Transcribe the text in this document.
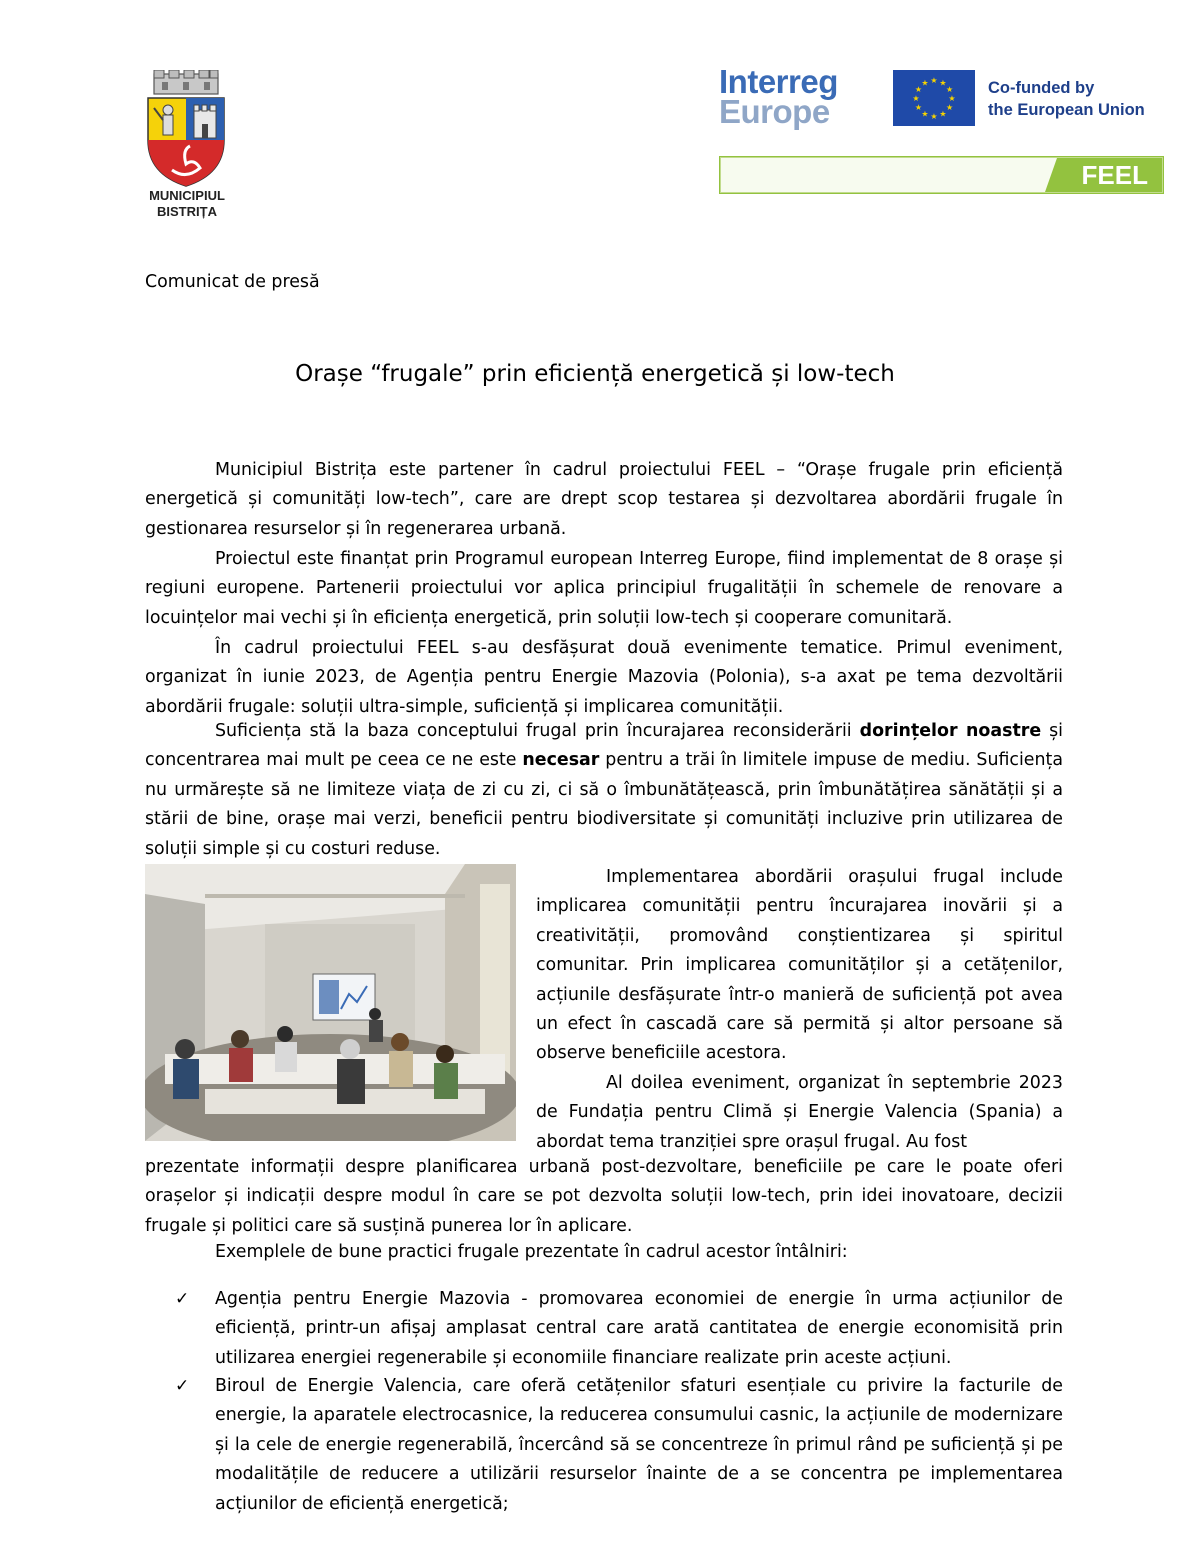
MUNICIPIUL
BISTRIȚA
Interreg
Europe	★
★
★
★
★
★
★
★
★ ★ ★
★ Co-funded by
the European Union
FEEL
Comunicat de presă
Orașe “frugale” prin eficiență energetică și low-tech
Municipiul Bistrița este partener în cadrul proiectului FEEL – “Orașe frugale prin eficiență energetică și comunități low-tech”, care are drept scop testarea și dezvoltarea abordării frugale în gestionarea resurselor și în regenerarea urbană.
Proiectul este finanțat prin Programul european Interreg Europe, fiind implementat de 8 orașe și regiuni europene. Partenerii proiectului vor aplica principiul frugalității în schemele de renovare a locuințelor mai vechi și în eficiența energetică, prin soluții low-tech și cooperare comunitară.
În cadrul proiectului FEEL s-au desfășurat două evenimente tematice. Primul eveniment, organizat în iunie 2023, de Agenția pentru Energie Mazovia (Polonia), s-a axat pe tema dezvoltării abordării frugale: soluții ultra-simple, suficiență și implicarea comunității.
Suficiența stă la baza conceptului frugal prin încurajarea reconsiderării dorințelor noastre și concentrarea mai mult pe ceea ce ne este necesar pentru a trăi în limitele impuse de mediu. Suficiența nu urmărește să ne limiteze viața de zi cu zi, ci să o îmbunătățească, prin îmbunătățirea sănătății și a stării de bine, orașe mai verzi, beneficii pentru biodiversitate și comunități incluzive prin utilizarea de soluții simple și cu costuri reduse.
Implementarea abordării orașului frugal include implicarea comunității pentru încurajarea inovării și a creativității, promovând conștientizarea și spiritul comunitar. Prin implicarea comunităților și a cetățenilor, acțiunile desfășurate într-o manieră de suficiență pot avea un efect în cascadă care să permită și altor persoane să observe beneficiile acestora.
Al doilea eveniment, organizat în septembrie 2023 de Fundația pentru Climă și Energie Valencia (Spania) a abordat tema tranziției spre orașul frugal. Au fost
prezentate informații despre planificarea urbană post-dezvoltare, beneficiile pe care le poate oferi orașelor și indicații despre modul în care se pot dezvolta soluții low-tech, prin idei inovatoare, decizii frugale și politici care să susțină punerea lor în aplicare.
Exemplele de bune practici frugale prezentate în cadrul acestor întâlniri:
✓ Agenția pentru Energie Mazovia - promovarea economiei de energie în urma acțiunilor de eficiență, printr-un afișaj amplasat central care arată cantitatea de energie economisită prin utilizarea energiei regenerabile și economiile financiare realizate prin aceste acțiuni.
✓ Biroul de Energie Valencia, care oferă cetățenilor sfaturi esențiale cu privire la facturile de energie, la aparatele electrocasnice, la reducerea consumului casnic, la acțiunile de modernizare și la cele de energie regenerabilă, încercând să se concentreze în primul rând pe suficiență și pe modalitățile de reducere a utilizării resurselor înainte de a se concentra pe implementarea acțiunilor de eficiență energetică;
